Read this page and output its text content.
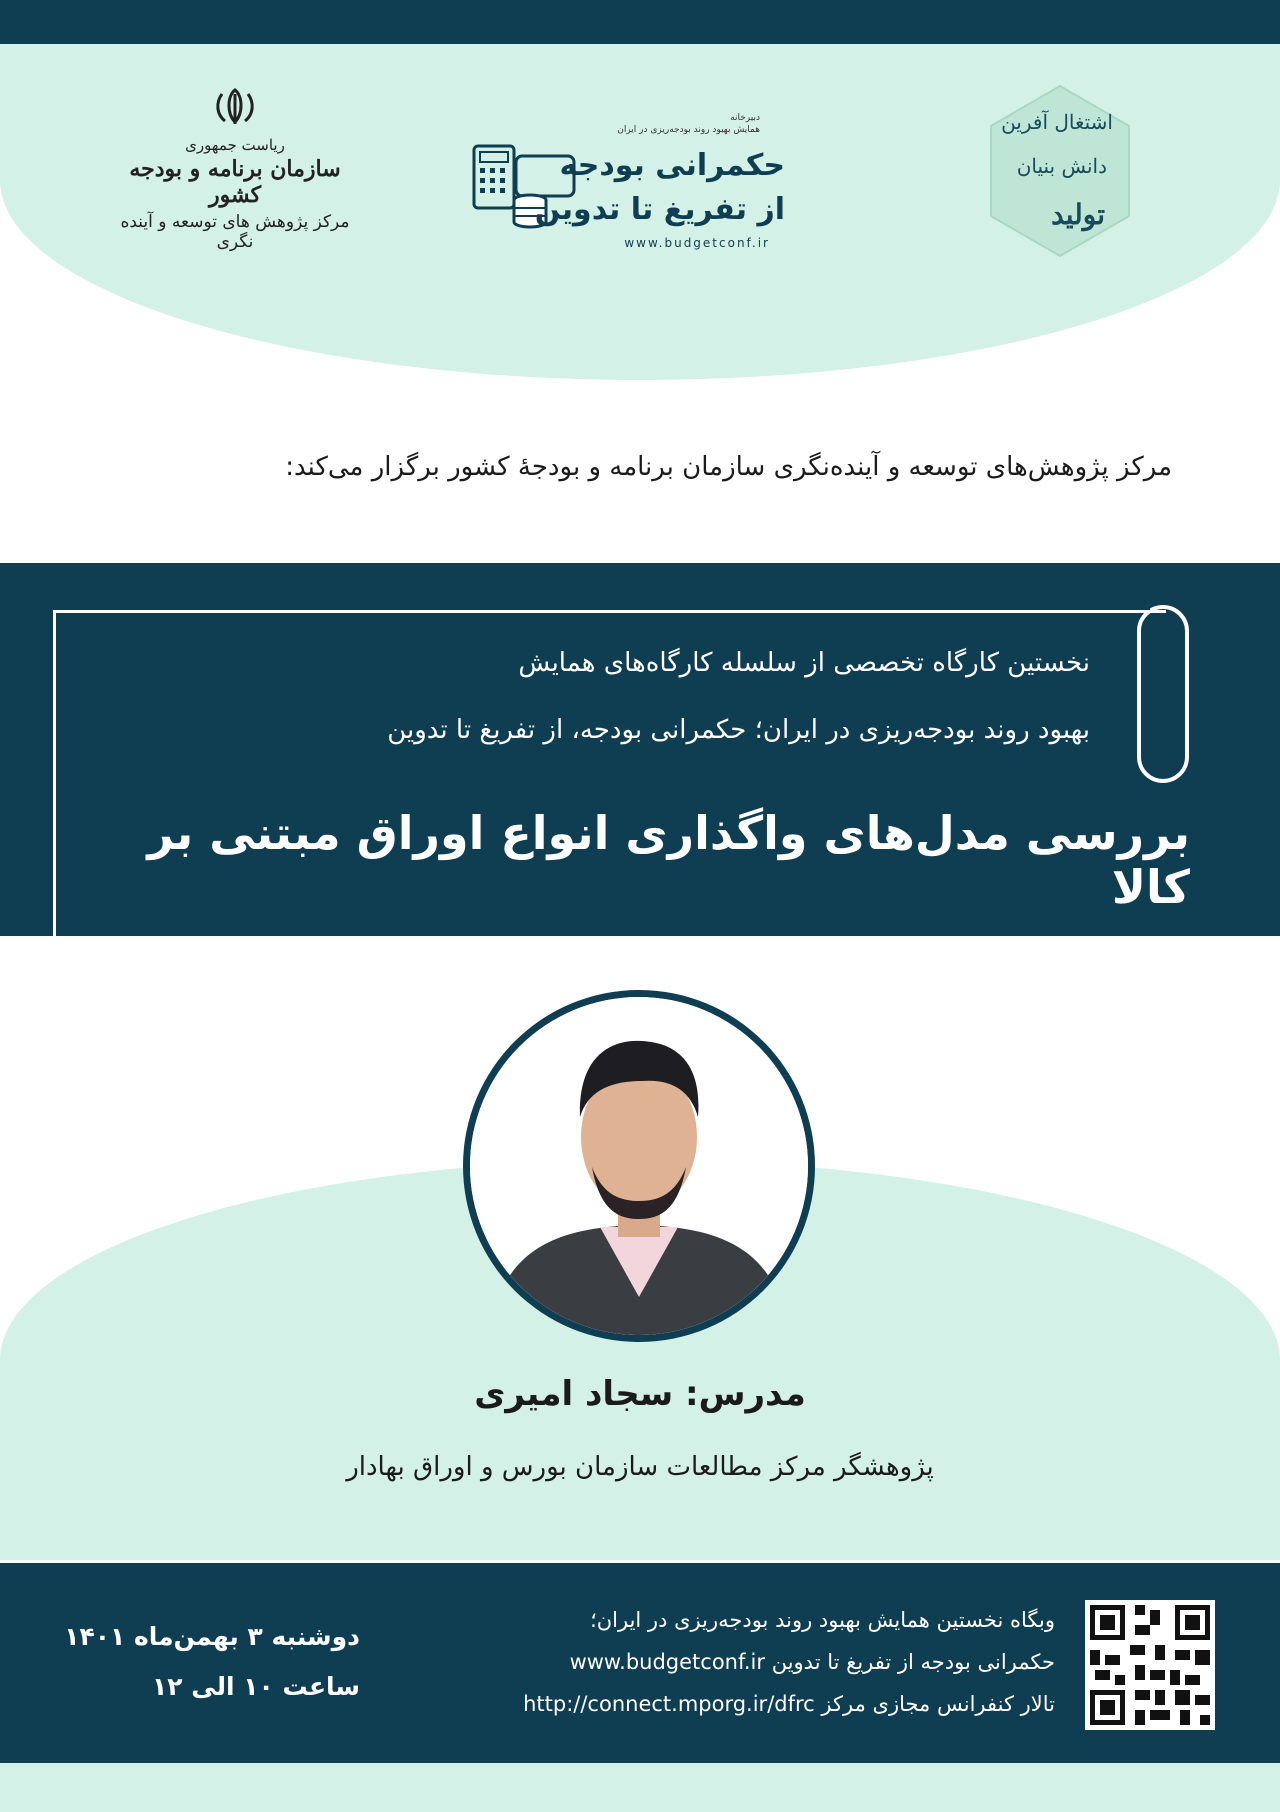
ریاست جمهوری
سازمان برنامه و بودجه کشور
مرکز پژوهش های توسعه و آینده نگری
دبیرخانه
همایش بهبود روند بودجه‌ریزی در ایران
حکمرانی بودجه
از تفریغ تا تدوین
www.budgetconf.ir
اشتغال آفرین
دانش بنیان
تولید
مرکز پژوهش‌های توسعه و آینده‌نگری سازمان برنامه و بودجهٔ کشور برگزار می‌کند:
نخستین کارگاه تخصصی از سلسله کارگاه‌های همایش
بهبود روند بودجه‌ریزی در ایران؛ حکمرانی بودجه، از تفریغ تا تدوین
بررسی مدل‌های واگذاری انواع اوراق مبتنی بر کالا
مدرس: سجاد امیری
پژوهشگر مرکز مطالعات سازمان بورس و اوراق بهادار
وبگاه نخستین همایش بهبود روند بودجه‌ریزی در ایران؛
حکمرانی بودجه از تفریغ تا تدوین www.budgetconf.ir
تالار کنفرانس مجازی مرکز http://connect.mporg.ir/dfrc
دوشنبه ۳ بهمن‌ماه ۱۴۰۱
ساعت ۱۰ الی ۱۲
